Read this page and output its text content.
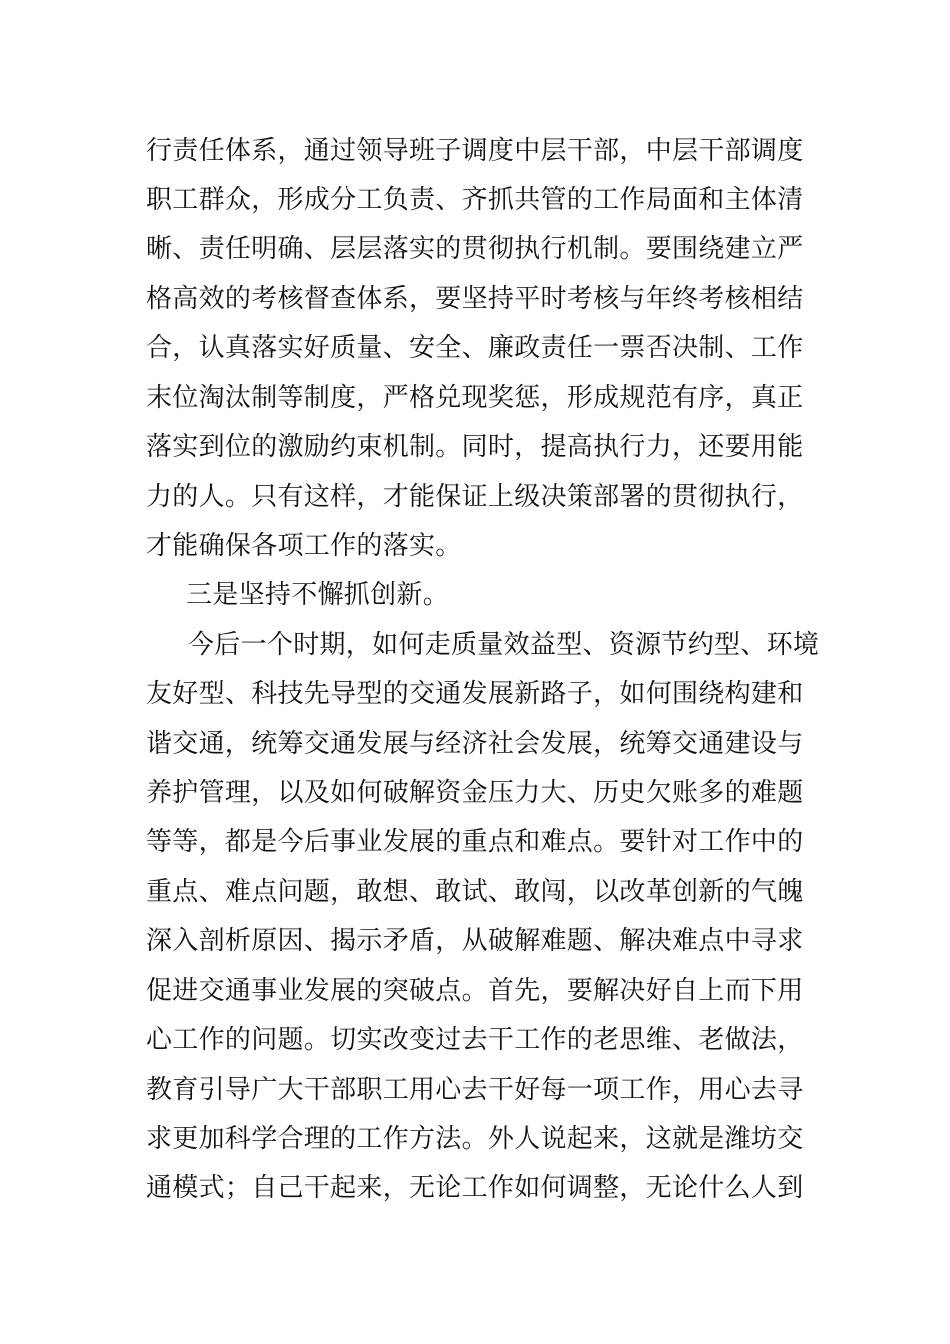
行责任体系，通过领导班子调度中层干部，中层干部调度
职工群众，形成分工负责、齐抓共管的工作局面和主体清
晰、责任明确、层层落实的贯彻执行机制。要围绕建立严
格高效的考核督查体系，要坚持平时考核与年终考核相结
合，认真落实好质量、安全、廉政责任一票否决制、工作
末位淘汰制等制度，严格兑现奖惩，形成规范有序，真正
落实到位的激励约束机制。同时，提高执行力，还要用能
力的人。只有这样，才能保证上级决策部署的贯彻执行，
才能确保各项工作的落实。
三是坚持不懈抓创新。
今后一个时期，如何走质量效益型、资源节约型、环境
友好型、科技先导型的交通发展新路子，如何围绕构建和
谐交通，统筹交通发展与经济社会发展，统筹交通建设与
养护管理，以及如何破解资金压力大、历史欠账多的难题
等等，都是今后事业发展的重点和难点。要针对工作中的
重点、难点问题，敢想、敢试、敢闯，以改革创新的气魄
深入剖析原因、揭示矛盾，从破解难题、解决难点中寻求
促进交通事业发展的突破点。首先，要解决好自上而下用
心工作的问题。切实改变过去干工作的老思维、老做法，
教育引导广大干部职工用心去干好每一项工作，用心去寻
求更加科学合理的工作方法。外人说起来，这就是潍坊交
通模式；自己干起来，无论工作如何调整，无论什么人到
